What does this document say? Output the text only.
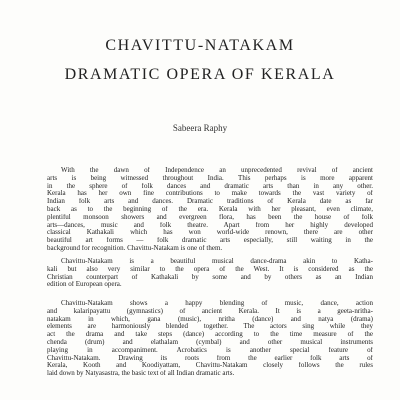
CHAVITTU-NATAKAM
DRAMATIC OPERA OF KERALA
Sabeera Raphy
With the dawn of Independence an unprecedented revival of ancient
arts is being witnessed throughout India. This perhaps is more apparent
in the sphere of folk dances and dramatic arts than in any other.
Kerala has her own fine contributions to make towards the vast variety of
Indian folk arts and dances. Dramatic traditions of Kerala date as far
back as to the beginning of the era. Kerala with her pleasant, even climate,
plentiful monsoon showers and evergreen flora, has been the house of folk
arts—dances, music and folk theatre. Apart from her highly developed
classical Kathakali which has won world-wide renown, there are other
beautiful art forms — folk dramatic arts especially, still waiting in the
background for recognition. Chavittu-Natakam is one of them.
Chavittu-Natakam is a beautiful musical dance-drama akin to Katha-
kali but also very similar to the opera of the West. It is considered as the
Christian counterpart of Kathakali by some and by others as an Indian
edition of European opera.
Chavittu-Natakam shows a happy blending of music, dance, action
and kalaripayattu (gymnastics) of ancient Kerala. It is a geeta-nritha-
natakam in which, gana (music), nritha (dance) and natya (drama)
elements are harmoniously blended together. The actors sing while they
act the drama and take steps (dance) according to the time measure of the
chenda (drum) and elathalam (cymbal) and other musical instruments
playing in accompaniment. Acrobatics is another special feature of
Chavittu-Natakam. Drawing its roots from the earlier folk arts of
Kerala, Kooth and Koodiyattam, Chavittu-Natakam closely follows the rules
laid down by Natyasastra, the basic text of all Indian dramatic arts.
